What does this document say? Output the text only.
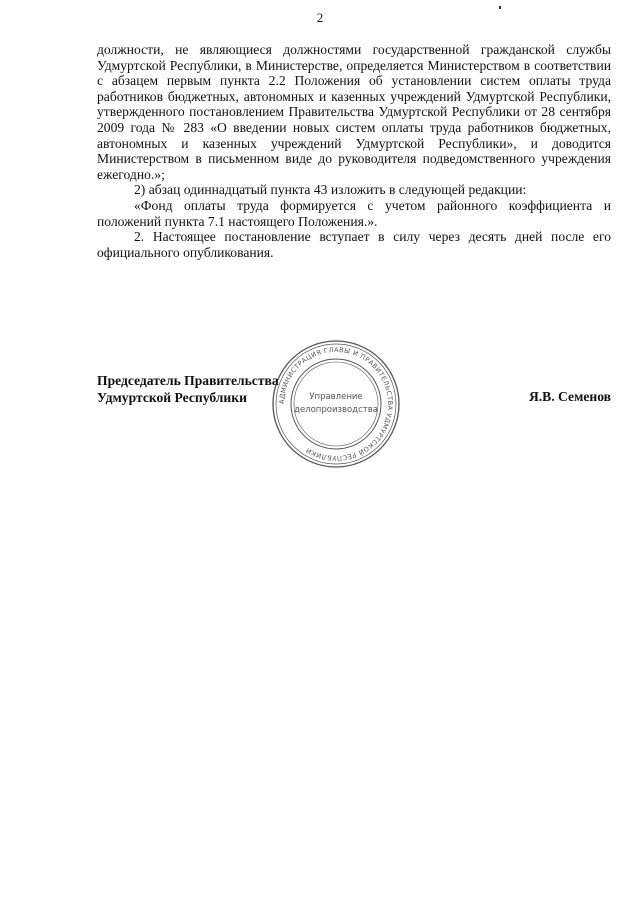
2

должности, не являющиеся должностями государственной гражданской службы Удмуртской Республики, в Министерстве, определяется Министерством в соответствии с абзацем первым пункта 2.2 Положения об установлении систем оплаты труда работников бюджетных, автономных и казенных учреждений Удмуртской Республики, утвержденного постановлением Правительства Удмуртской Республики от 28 сентября 2009 года № 283 «О введении новых систем оплаты труда работников бюджетных, автономных и казенных учреждений Удмуртской Республики», и доводится Министерством в письменном виде до руководителя подведомственного учреждения ежегодно.»;

2) абзац одиннадцатый пункта 43 изложить в следующей редакции:

«Фонд оплаты труда формируется с учетом районного коэффициента и положений пункта 7.1 настоящего Положения.».

2. Настоящее постановление вступает в силу через десять дней после его официального опубликования.

АДМИНИСТРАЦИЯ ГЛАВЫ И ПРАВИТЕЛЬСТВА УДМУРТСКОЙ РЕСПУБЛИКИ
Управление
делопроизводства
Председатель Правительства
Удмуртской Республики	Я.В. Семенов
